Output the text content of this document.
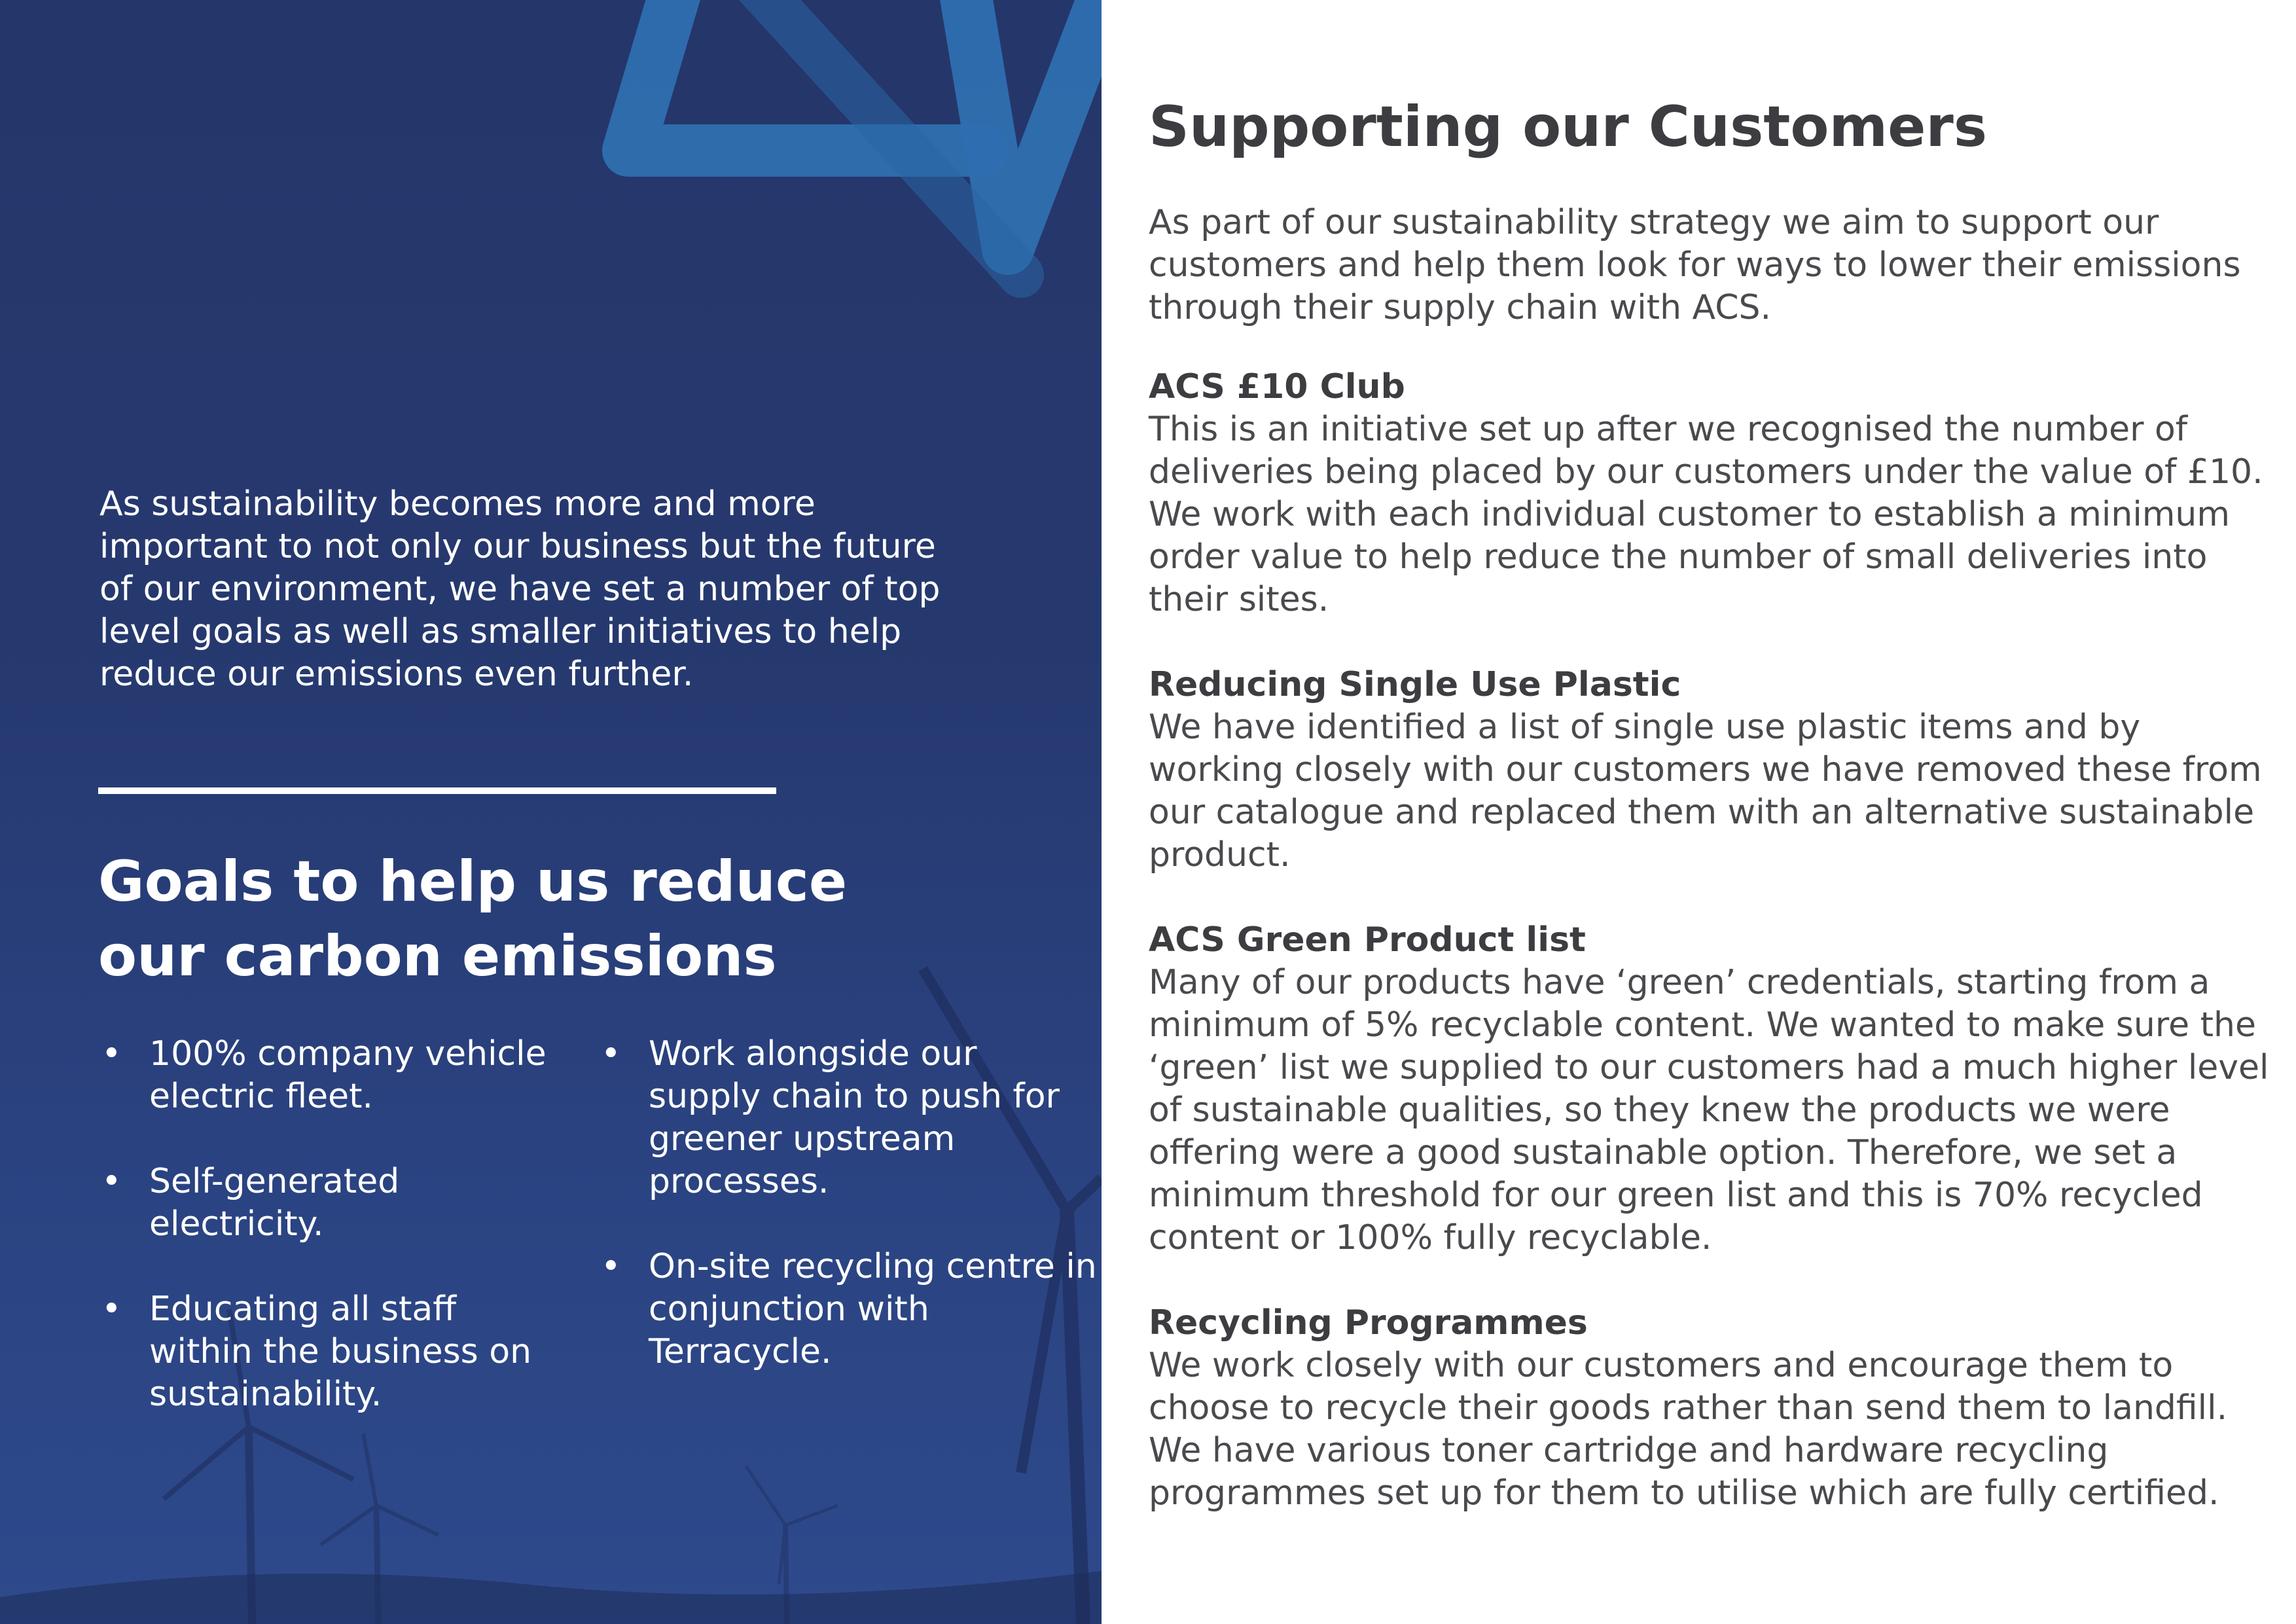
As sustainability becomes more and more important to not only our business but the future of our environment, we have set a number of top level goals as well as smaller initiatives to help reduce our emissions even further.

Goals to help us reduce our carbon emissions
• 100% company vehicle electric fleet.
• Self-generated electricity.
• Educating all staff within the business on sustainability.
• Work alongside our supply chain to push for greener upstream processes.
• On-site recycling centre in conjunction with Terracycle.
Supporting our Customers

As part of our sustainability strategy we aim to support our customers and help them look for ways to lower their emissions through their supply chain with ACS.

ACS £10 Club

This is an initiative set up after we recognised the number of deliveries being placed by our customers under the value of £10. We work with each individual customer to establish a minimum order value to help reduce the number of small deliveries into their sites.

Reducing Single Use Plastic

We have identified a list of single use plastic items and by working closely with our customers we have removed these from our catalogue and replaced them with an alternative sustainable product.

ACS Green Product list

Many of our products have ‘green’ credentials, starting from a minimum of 5% recyclable content. We wanted to make sure the ‘green’ list we supplied to our customers had a much higher level of sustainable qualities, so they knew the products we were offering were a good sustainable option. Therefore, we set a minimum threshold for our green list and this is 70% recycled content or 100% fully recyclable.

Recycling Programmes

We work closely with our customers and encourage them to choose to recycle their goods rather than send them to landfill. We have various toner cartridge and hardware recycling programmes set up for them to utilise which are fully certified.
